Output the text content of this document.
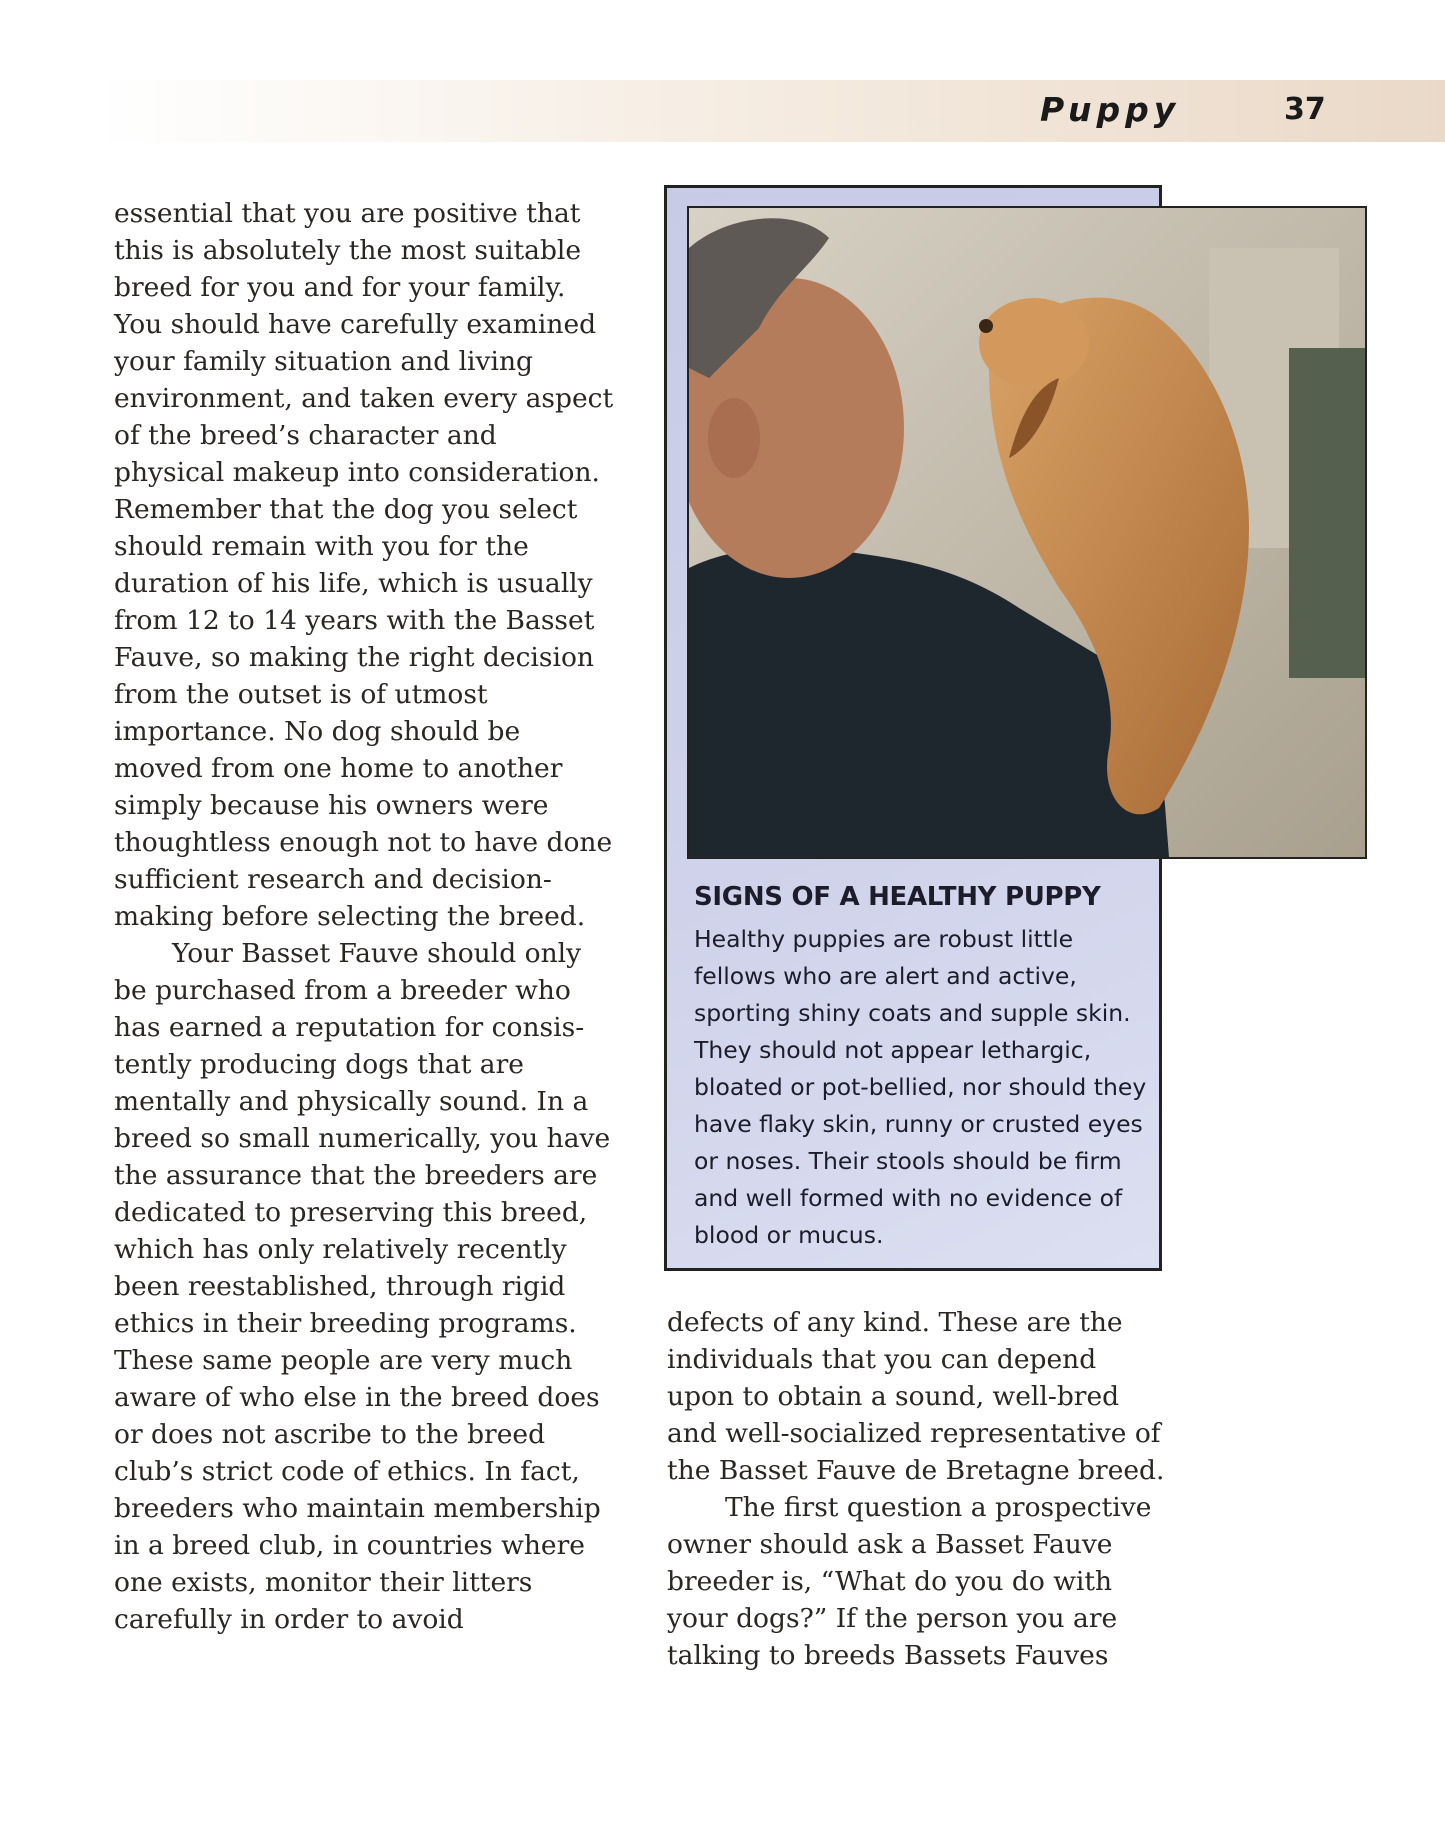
Puppy	37

essential that you are positive that this is absolutely the most suitable breed for you and for your family. You should have carefully examined your family situation and living environment, and taken every aspect of the breed’s character and physical makeup into consideration. Remember that the dog you select should remain with you for the duration of his life, which is usually from 12 to 14 years with the Basset Fauve, so making the right decision from the outset is of utmost importance. No dog should be moved from one home to another simply because his owners were thoughtless enough not to have done sufficient research and decision-making before selecting the breed.

Your Basset Fauve should only be purchased from a breeder who has earned a reputation for consistently producing dogs that are mentally and physically sound. In a breed so small numerically, you have the assurance that the breeders are dedicated to preserving this breed, which has only relatively recently been reestablished, through rigid ethics in their breeding programs. These same people are very much aware of who else in the breed does or does not ascribe to the breed club’s strict code of ethics. In fact, breeders who maintain membership in a breed club, in countries where one exists, monitor their litters carefully in order to avoid

SIGNS OF A HEALTHY PUPPY

Healthy puppies are robust little fellows who are alert and active, sporting shiny coats and supple skin. They should not appear lethargic, bloated or pot-bellied, nor should they have flaky skin, runny or crusted eyes or noses. Their stools should be firm and well formed with no evidence of blood or mucus.

defects of any kind. These are the individuals that you can depend upon to obtain a sound, well-bred and well-socialized representative of the Basset Fauve de Bretagne breed.

The first question a prospective owner should ask a Basset Fauve breeder is, “What do you do with your dogs?” If the person you are talking to breeds Bassets Fauves
